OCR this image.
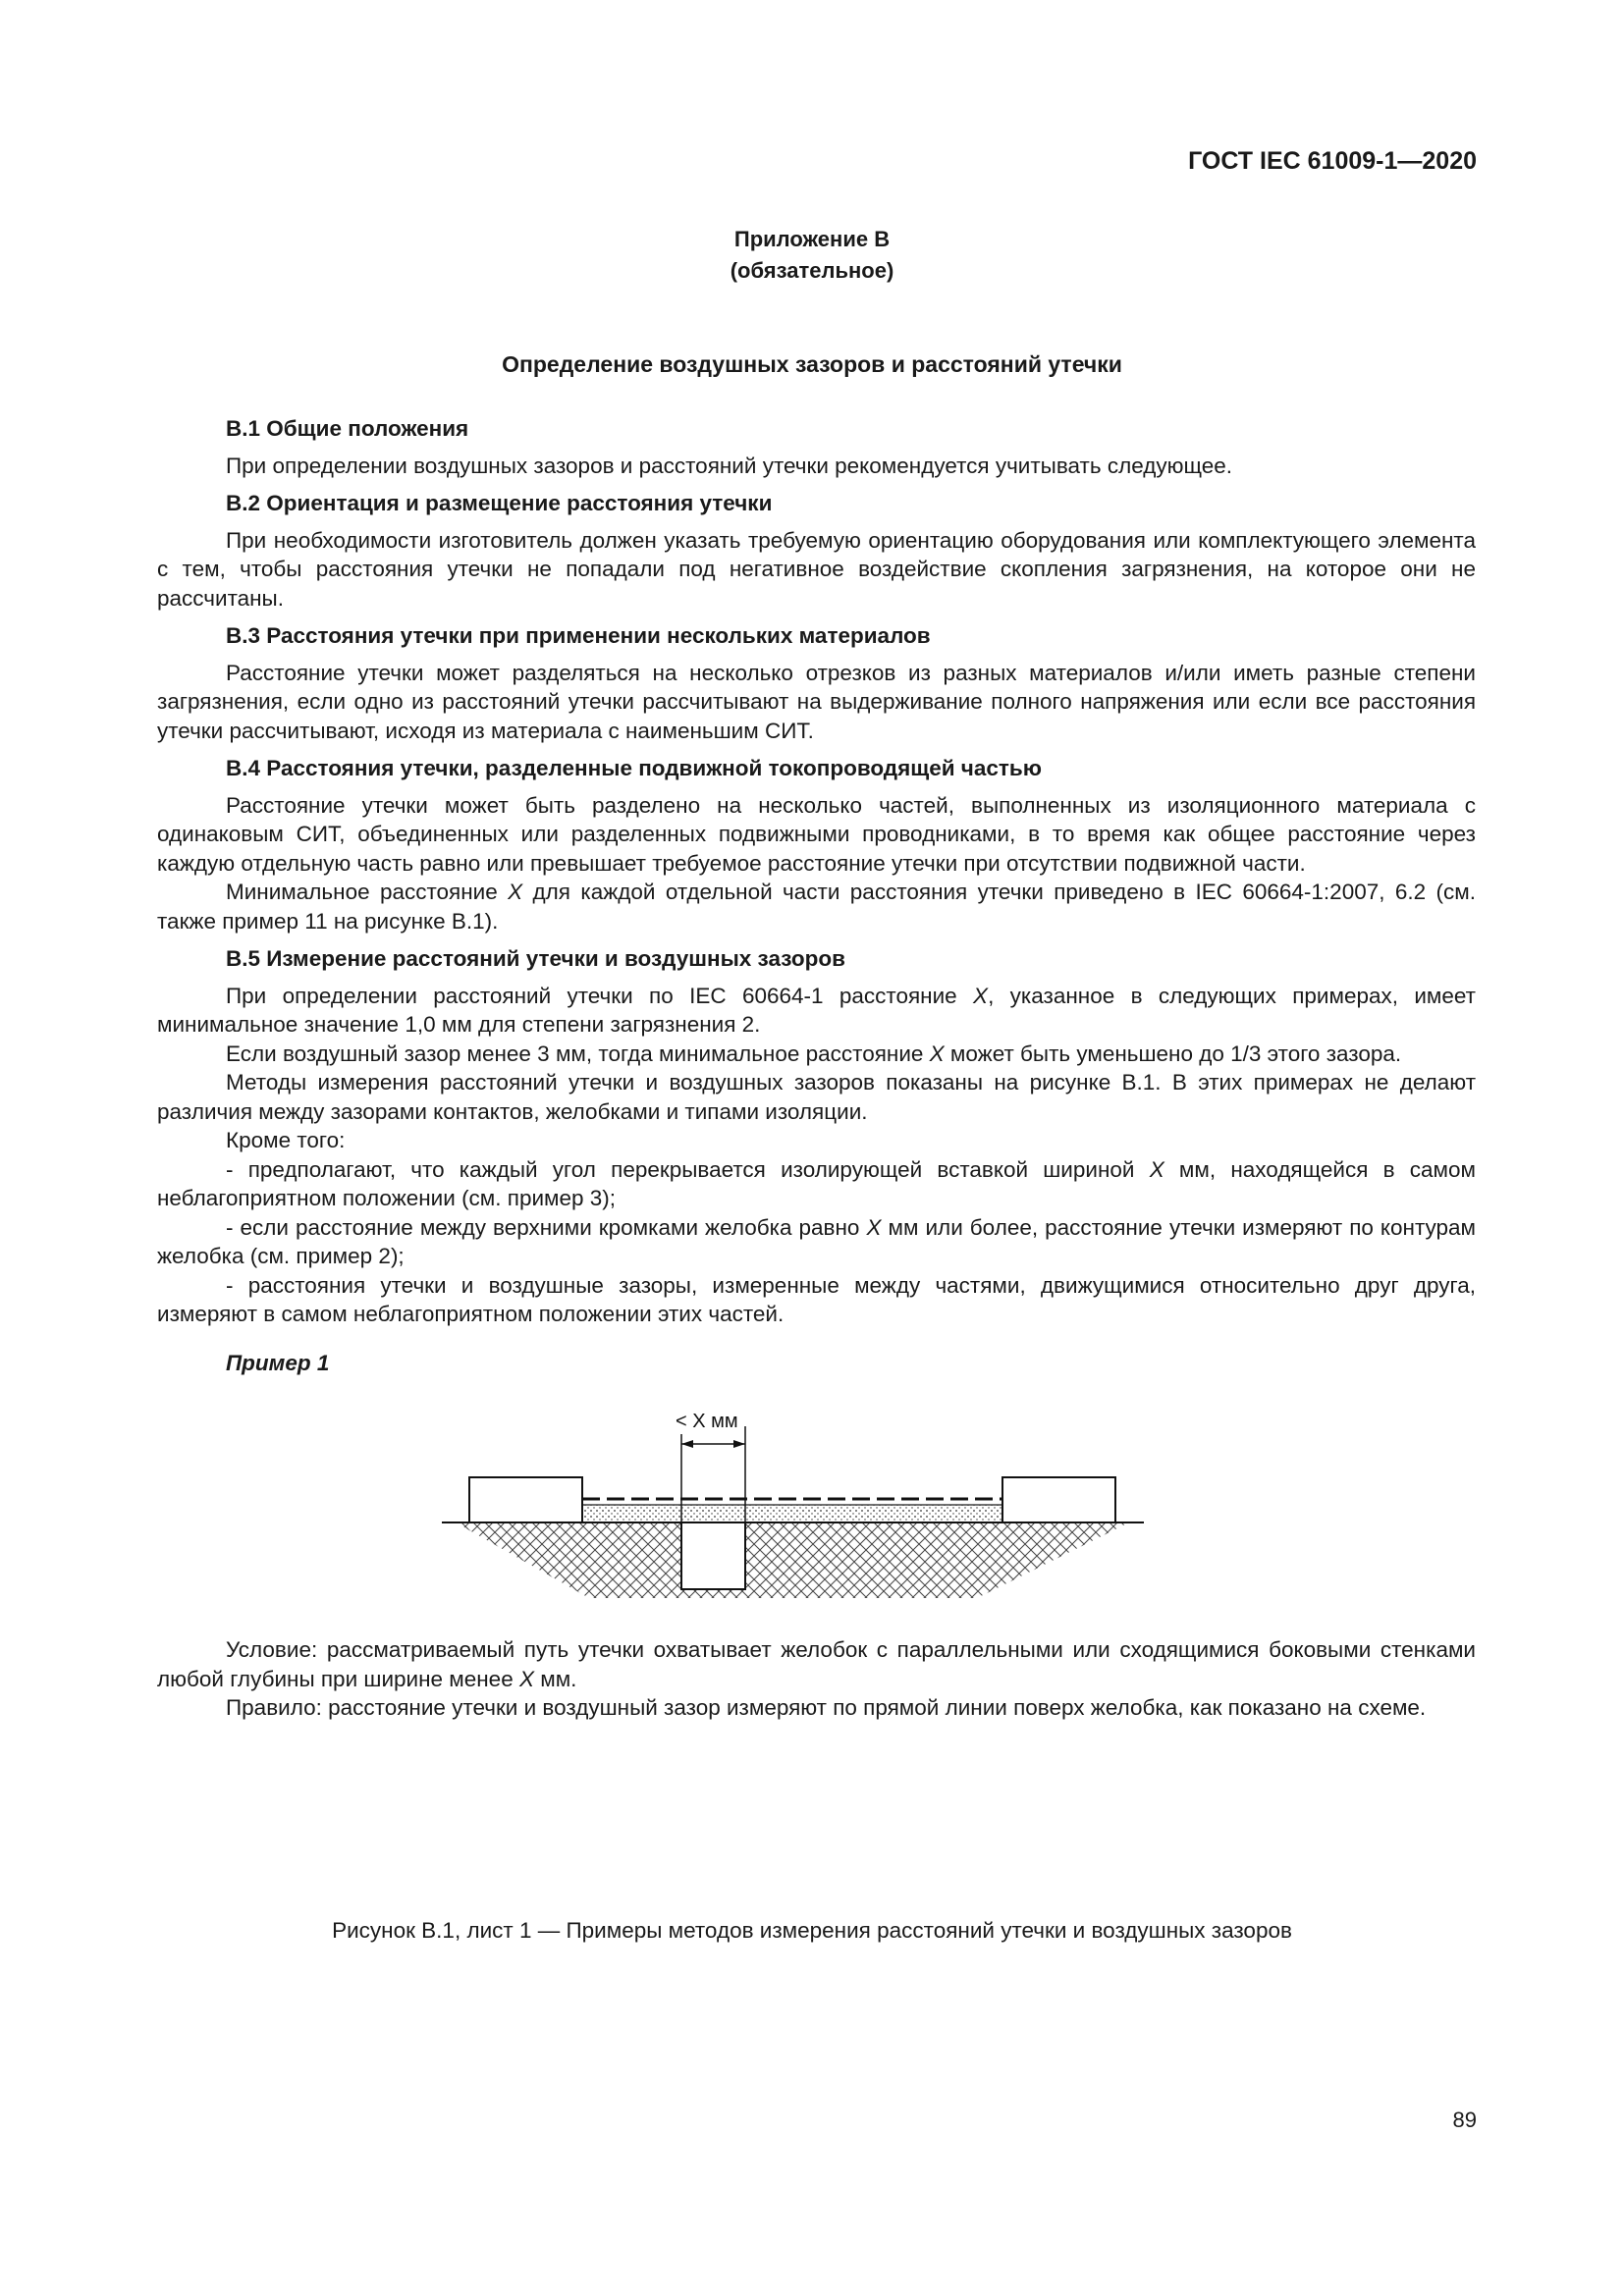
ГОСТ IEC 61009-1—2020

Приложение B
(обязательное)
Определение воздушных зазоров и расстояний утечки
B.1 Общие положения

При определении воздушных зазоров и расстояний утечки рекомендуется учитывать следующее.

B.2 Ориентация и размещение расстояния утечки

При необходимости изготовитель должен указать требуемую ориентацию оборудования или комплектующего элемента с тем, чтобы расстояния утечки не попадали под негативное воздействие скопления загрязнения, на которое они не рассчитаны.

B.3 Расстояния утечки при применении нескольких материалов

Расстояние утечки может разделяться на несколько отрезков из разных материалов и/или иметь разные степени загрязнения, если одно из расстояний утечки рассчитывают на выдерживание полного напряжения или если все расстояния утечки рассчитывают, исходя из материала с наименьшим СИТ.

B.4 Расстояния утечки, разделенные подвижной токопроводящей частью

Расстояние утечки может быть разделено на несколько частей, выполненных из изоляционного материала с одинаковым СИТ, объединенных или разделенных подвижными проводниками, в то время как общее расстояние через каждую отдельную часть равно или превышает требуемое расстояние утечки при отсутствии подвижной части.

Минимальное расстояние X для каждой отдельной части расстояния утечки приведено в IEC 60664-1:2007, 6.2 (см. также пример 11 на рисунке B.1).

B.5 Измерение расстояний утечки и воздушных зазоров

При определении расстояний утечки по IEC 60664-1 расстояние X, указанное в следующих примерах, имеет минимальное значение 1,0 мм для степени загрязнения 2.

Если воздушный зазор менее 3 мм, тогда минимальное расстояние X может быть уменьшено до 1/3 этого зазора.

Методы измерения расстояний утечки и воздушных зазоров показаны на рисунке B.1. В этих примерах не делают различия между зазорами контактов, желобками и типами изоляции.

Кроме того:

- предполагают, что каждый угол перекрывается изолирующей вставкой шириной X мм, находящейся в самом неблагоприятном положении (см. пример 3);

- если расстояние между верхними кромками желобка равно X мм или более, расстояние утечки измеряют по контурам желобка (см. пример 2);

- расстояния утечки и воздушные зазоры, измеренные между частями, движущимися относительно друг друга, измеряют в самом неблагоприятном положении этих частей.

Пример 1

< X мм

Условие: рассматриваемый путь утечки охватывает желобок с параллельными или сходящимися боковыми стенками любой глубины при ширине менее X мм.

Правило: расстояние утечки и воздушный зазор измеряют по прямой линии поверх желобка, как показано на схеме.

Рисунок B.1, лист 1 — Примеры методов измерения расстояний утечки и воздушных зазоров

89
